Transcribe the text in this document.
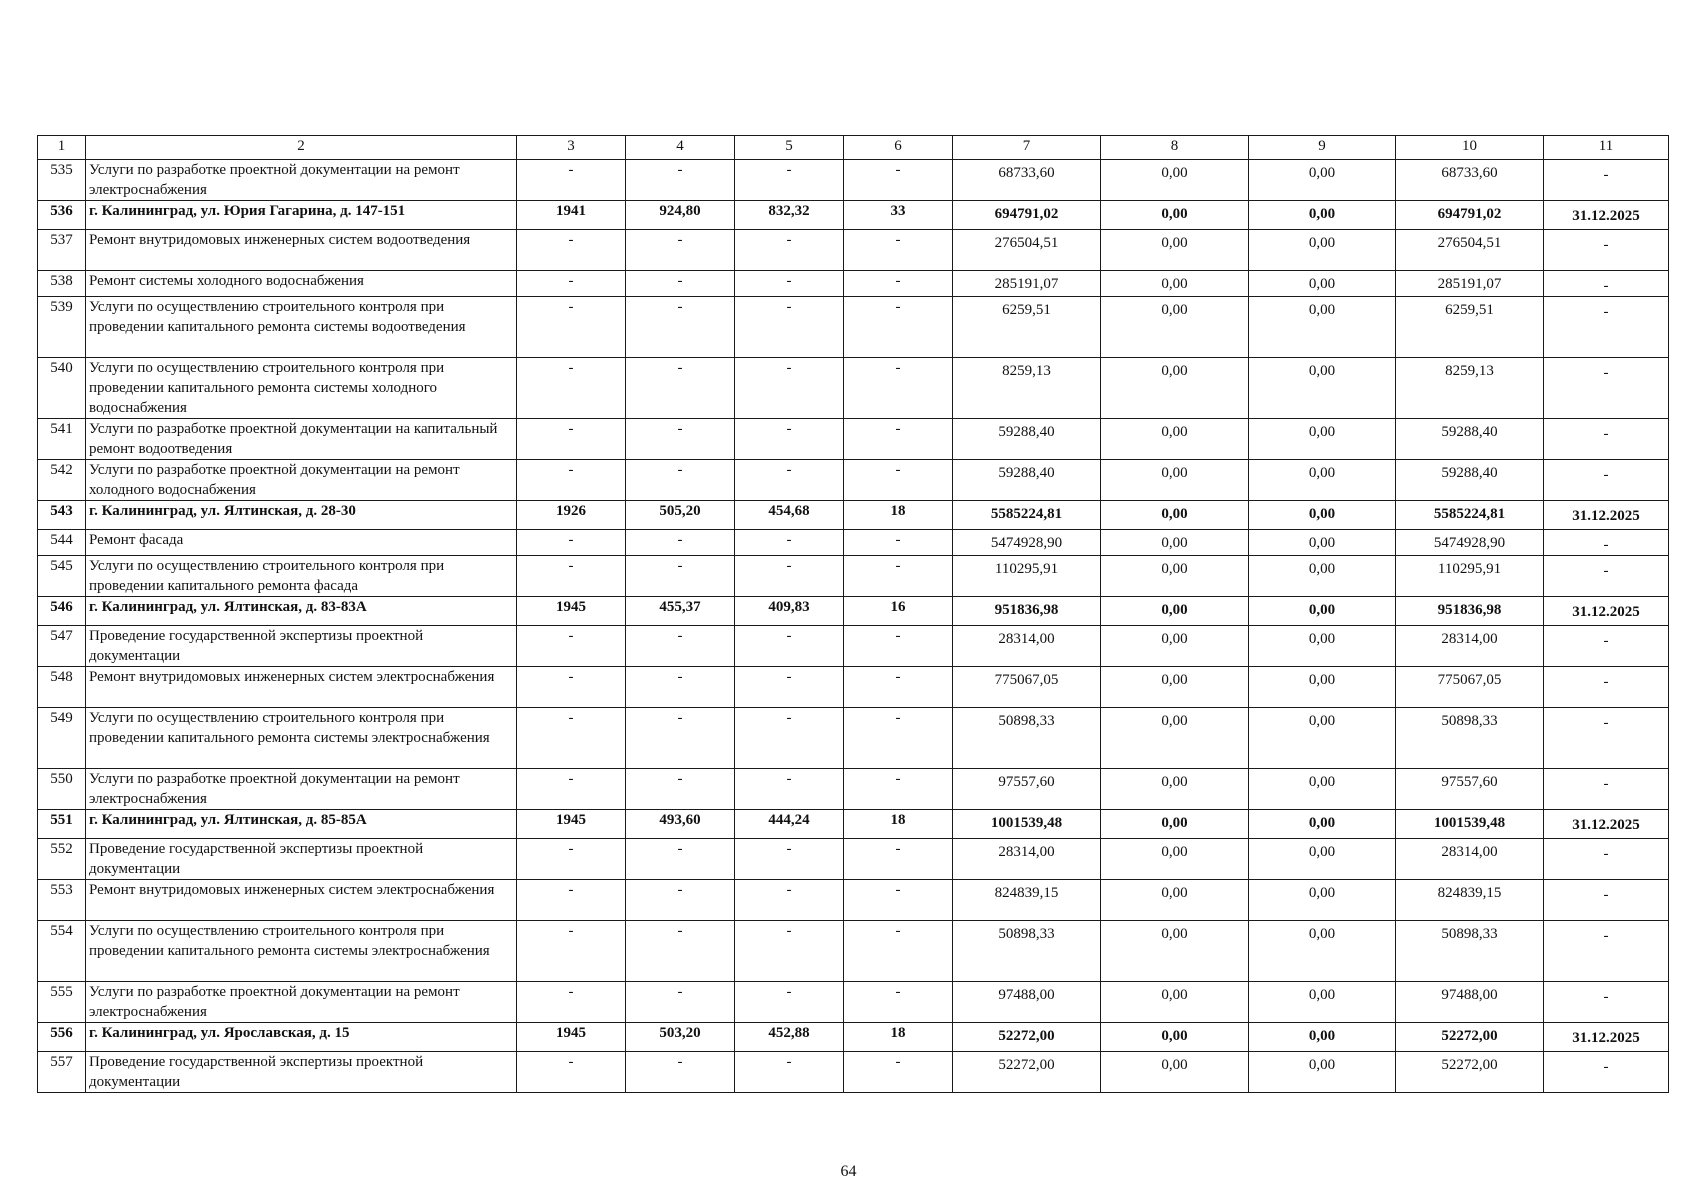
1	2	3	4	5	6	7	8	9	10	11
535	Услуги по разработке проектной документации на ремонт электроснабжения	-	-	-	-	68733,60	0,00	0,00	68733,60	-
536	г. Калининград, ул. Юрия Гагарина, д. 147-151	1941	924,80	832,32	33	694791,02	0,00	0,00	694791,02	31.12.2025
537	Ремонт внутридомовых инженерных систем водоотведения	-	-	-	-	276504,51	0,00	0,00	276504,51	-
538	Ремонт системы холодного водоснабжения	-	-	-	-	285191,07	0,00	0,00	285191,07	-
539	Услуги по осуществлению строительного контроля при проведении капитального ремонта системы водоотведения	-	-	-	-	6259,51	0,00	0,00	6259,51	-
540	Услуги по осуществлению строительного контроля при проведении капитального ремонта системы холодного водоснабжения	-	-	-	-	8259,13	0,00	0,00	8259,13	-
541	Услуги по разработке проектной документации на капитальный ремонт водоотведения	-	-	-	-	59288,40	0,00	0,00	59288,40	-
542	Услуги по разработке проектной документации на ремонт холодного водоснабжения	-	-	-	-	59288,40	0,00	0,00	59288,40	-
543	г. Калининград, ул. Ялтинская, д. 28-30	1926	505,20	454,68	18	5585224,81	0,00	0,00	5585224,81	31.12.2025
544	Ремонт фасада	-	-	-	-	5474928,90	0,00	0,00	5474928,90	-
545	Услуги по осуществлению строительного контроля при проведении капитального ремонта фасада	-	-	-	-	110295,91	0,00	0,00	110295,91	-
546	г. Калининград, ул. Ялтинская, д. 83-83А	1945	455,37	409,83	16	951836,98	0,00	0,00	951836,98	31.12.2025
547	Проведение государственной экспертизы проектной документации	-	-	-	-	28314,00	0,00	0,00	28314,00	-
548	Ремонт внутридомовых инженерных систем электроснабжения	-	-	-	-	775067,05	0,00	0,00	775067,05	-
549	Услуги по осуществлению строительного контроля при проведении капитального ремонта системы электроснабжения	-	-	-	-	50898,33	0,00	0,00	50898,33	-
550	Услуги по разработке проектной документации на ремонт электроснабжения	-	-	-	-	97557,60	0,00	0,00	97557,60	-
551	г. Калининград, ул. Ялтинская, д. 85-85А	1945	493,60	444,24	18	1001539,48	0,00	0,00	1001539,48	31.12.2025
552	Проведение государственной экспертизы проектной документации	-	-	-	-	28314,00	0,00	0,00	28314,00	-
553	Ремонт внутридомовых инженерных систем электроснабжения	-	-	-	-	824839,15	0,00	0,00	824839,15	-
554	Услуги по осуществлению строительного контроля при проведении капитального ремонта системы электроснабжения	-	-	-	-	50898,33	0,00	0,00	50898,33	-
555	Услуги по разработке проектной документации на ремонт электроснабжения	-	-	-	-	97488,00	0,00	0,00	97488,00	-
556	г. Калининград, ул. Ярославская, д. 15	1945	503,20	452,88	18	52272,00	0,00	0,00	52272,00	31.12.2025
557	Проведение государственной экспертизы проектной документации	-	-	-	-	52272,00	0,00	0,00	52272,00	-
64
